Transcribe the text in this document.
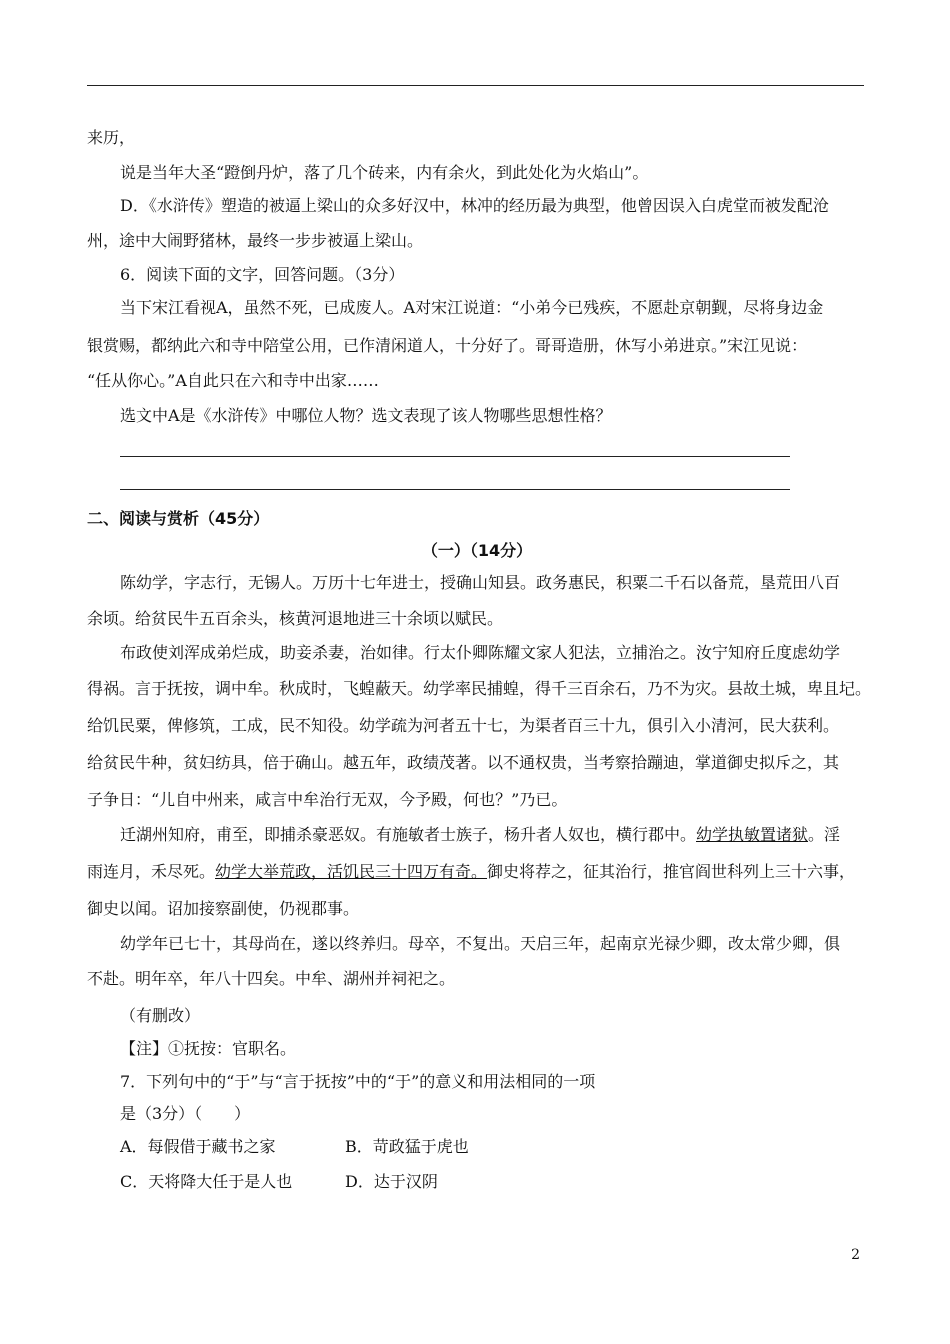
来历，
说是当年大圣“蹬倒丹炉，落了几个砖来，内有余火，到此处化为火焰山”。
D．《水浒传》塑造的被逼上梁山的众多好汉中，林冲的经历最为典型，他曾因误入白虎堂而被发配沧
州，途中大闹野猪林，最终一步步被逼上梁山。
6．阅读下面的文字，回答问题。（3分）
当下宋江看视A，虽然不死，已成废人。A对宋江说道：“小弟今已残疾，不愿赴京朝觐，尽将身边金
银赏赐，都纳此六和寺中陪堂公用，已作清闲道人，十分好了。哥哥造册，休写小弟进京。”宋江见说：
“任从你心。”A自此只在六和寺中出家……
选文中A是《水浒传》中哪位人物？选文表现了该人物哪些思想性格？
二、阅读与赏析（45分）
（一）（14分）
陈幼学，字志行，无锡人。万历十七年进士，授确山知县。政务惠民，积粟二千石以备荒，垦荒田八百
余顷。给贫民牛五百余头，核黄河退地进三十余顷以赋民。
布政使刘浑成弟烂成，助妾杀妻，治如律。行太仆卿陈耀文家人犯法，立捕治之。汝宁知府丘度虑幼学
得祸。言于抚按，调中牟。秋成时，飞蝗蔽天。幼学率民捕蝗，得千三百余石，乃不为灾。县故土城，卑且圮。
给饥民粟，俾修筑，工成，民不知役。幼学疏为河者五十七，为渠者百三十九，俱引入小清河，民大获利。
给贫民牛种，贫妇纺具，倍于确山。越五年，政绩茂著。以不通权贵，当考察拾蹦迪，掌道御史拟斥之，其
子争日：“儿自中州来，咸言中牟治行无双，今予殿，何也？”乃已。
迁湖州知府，甫至，即捕杀豪恶奴。有施敏者士族子，杨升者人奴也，横行郡中。幼学执敏置诸狱。淫
雨连月，禾尽死。幼学大举荒政，活饥民三十四万有奇。御史将荐之，征其治行，推官阎世科列上三十六事，
御史以闻。诏加接察副使，仍视郡事。
幼学年已七十，其母尚在，遂以终养归。母卒，不复出。天启三年，起南京光禄少卿，改太常少卿，俱
不赴。明年卒，年八十四矣。中牟、湖州并祠祀之。
（有删改）
【注】①抚按：官职名。
7．下列句中的“于”与“言于抚按”中的“于”的意义和用法相同的一项
是（3分）（　　）
A．每假借于藏书之家	B．苛政猛于虎也
C．天将降大任于是人也	D．达于汉阴
2
